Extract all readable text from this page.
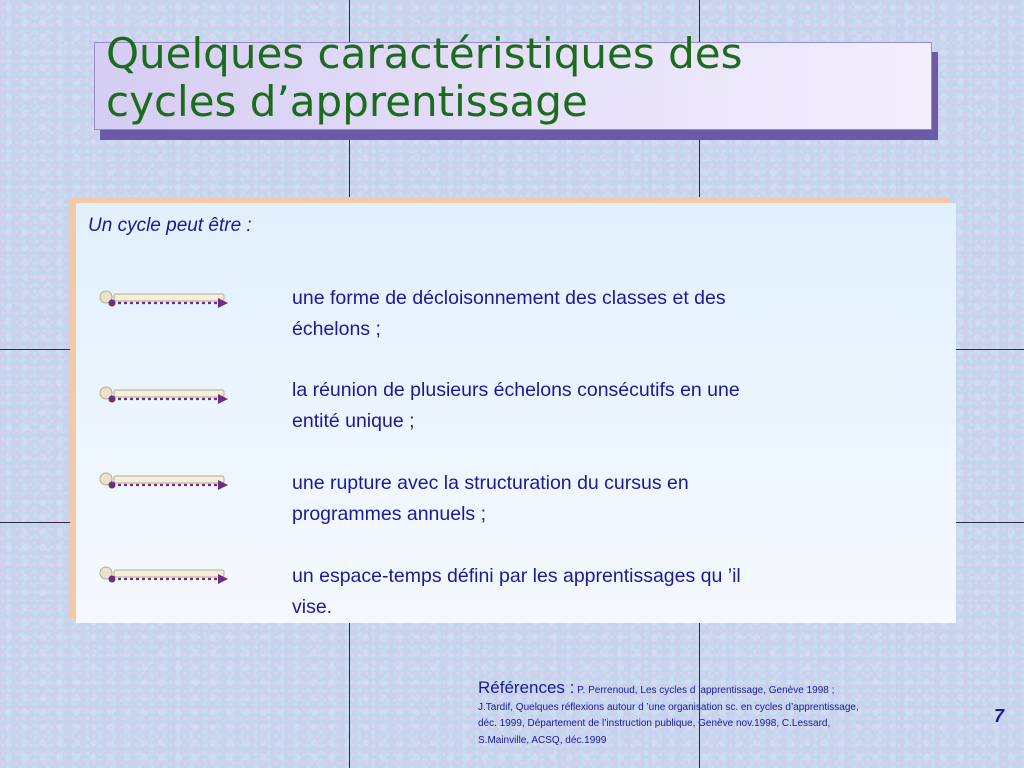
Quelques caractéristiques des
cycles d’apprentissage

Un cycle peut être :

une forme de décloisonnement des classes et des
échelons ;

la réunion de plusieurs échelons consécutifs en une
entité unique ;

une rupture avec la structuration du cursus en
programmes annuels ;

un espace-temps défini par les apprentissages qu ’il
vise.

Références : P. Perrenoud, Les cycles d ’apprentissage, Genève 1998 ;
J.Tardif, Quelques réflexions autour d ’une organisation sc. en cycles d’apprentissage,
déc. 1999, Département de l’instruction publique, Genève nov.1998, C.Lessard,
S.Mainville, ACSQ, déc.1999
7
